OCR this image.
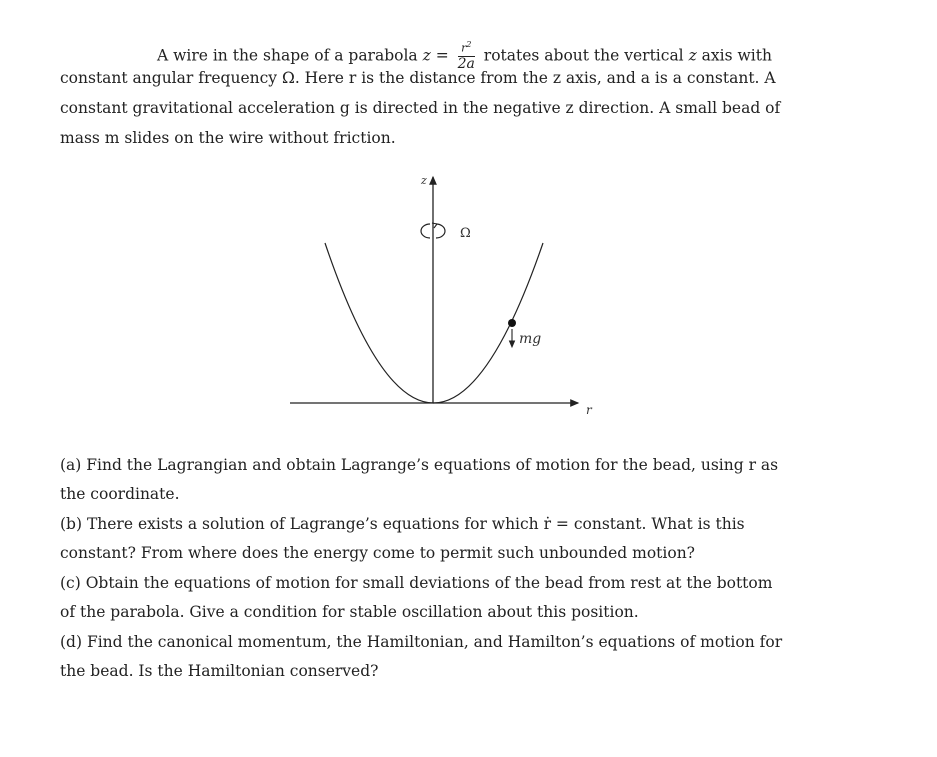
A wire in the shape of a parabola $z = \frac{r^2}{2a}$ rotates about the vertical z axis with
constant angular frequency Ω. Here r is the distance from the z axis, and a is a constant. A
constant gravitational acceleration g is directed in the negative z direction. A small bead of
mass m slides on the wire without friction.
z
Ω
mg
r
(a) Find the Lagrangian and obtain Lagrange’s equations of motion for the bead, using r as
the coordinate.
(b) There exists a solution of Lagrange’s equations for which ṙ = constant. What is this
constant? From where does the energy come to permit such unbounded motion?
(c) Obtain the equations of motion for small deviations of the bead from rest at the bottom
of the parabola. Give a condition for stable oscillation about this position.
(d) Find the canonical momentum, the Hamiltonian, and Hamilton’s equations of motion for
the bead. Is the Hamiltonian conserved?
